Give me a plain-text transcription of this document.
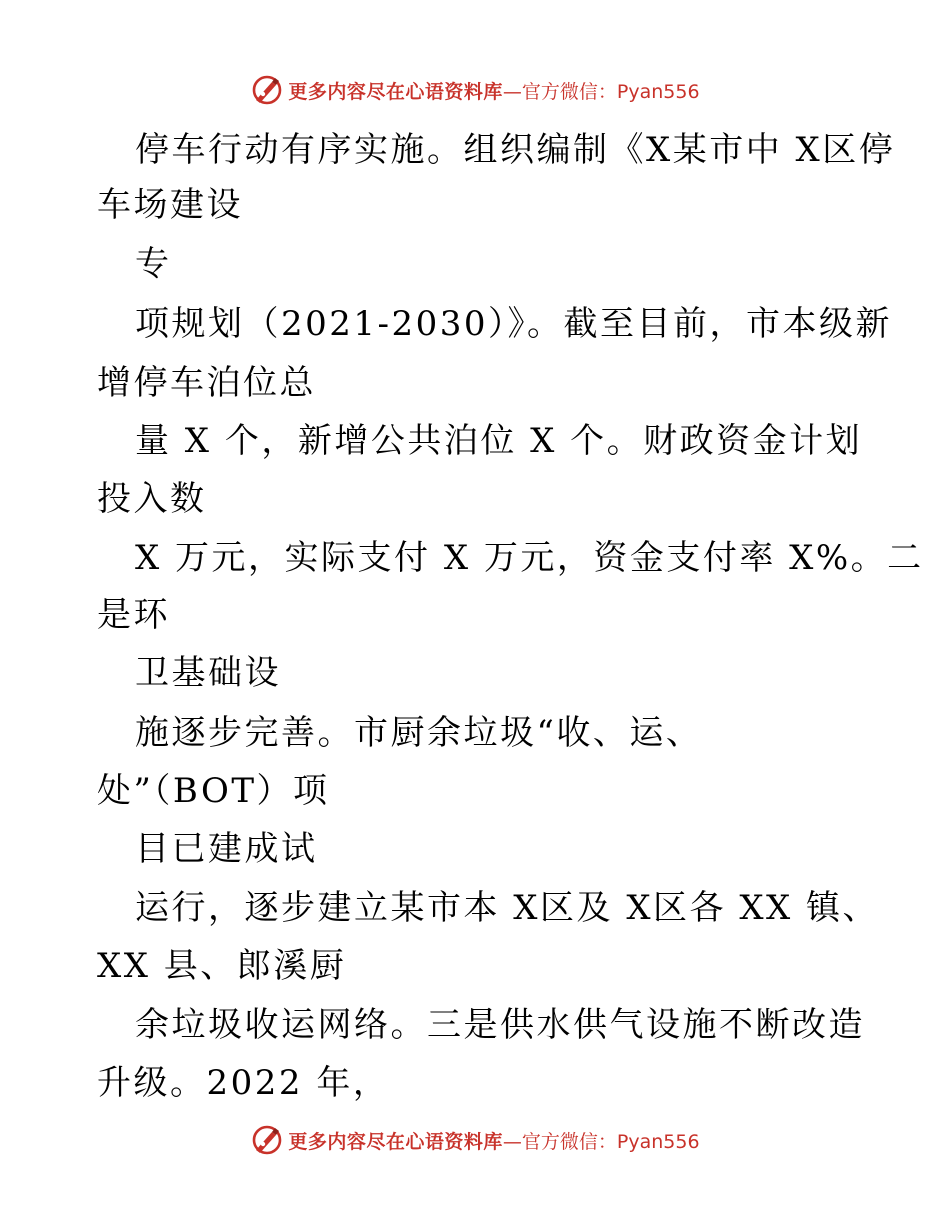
更多内容尽在心语资料库 —官方微信：Pyan556
停车行动有序实施。组织编制《X某市中 X区停
车场建设
专
项规划（2021-2030）》。截至目前，市本级新
增停车泊位总
量 X 个，新增公共泊位 X 个。财政资金计划
投入数
X 万元，实际支付 X 万元，资金支付率 X%。二
是环
卫基础设
施逐步完善。市厨余垃圾“收、运、
处”（BOT）项
目已建成试
运行，逐步建立某市本 X区及 X区各 XX 镇、
XX 县、郎溪厨
余垃圾收运网络。三是供水供气设施不断改造
升级。2022 年，
更多内容尽在心语资料库 —官方微信：Pyan556
